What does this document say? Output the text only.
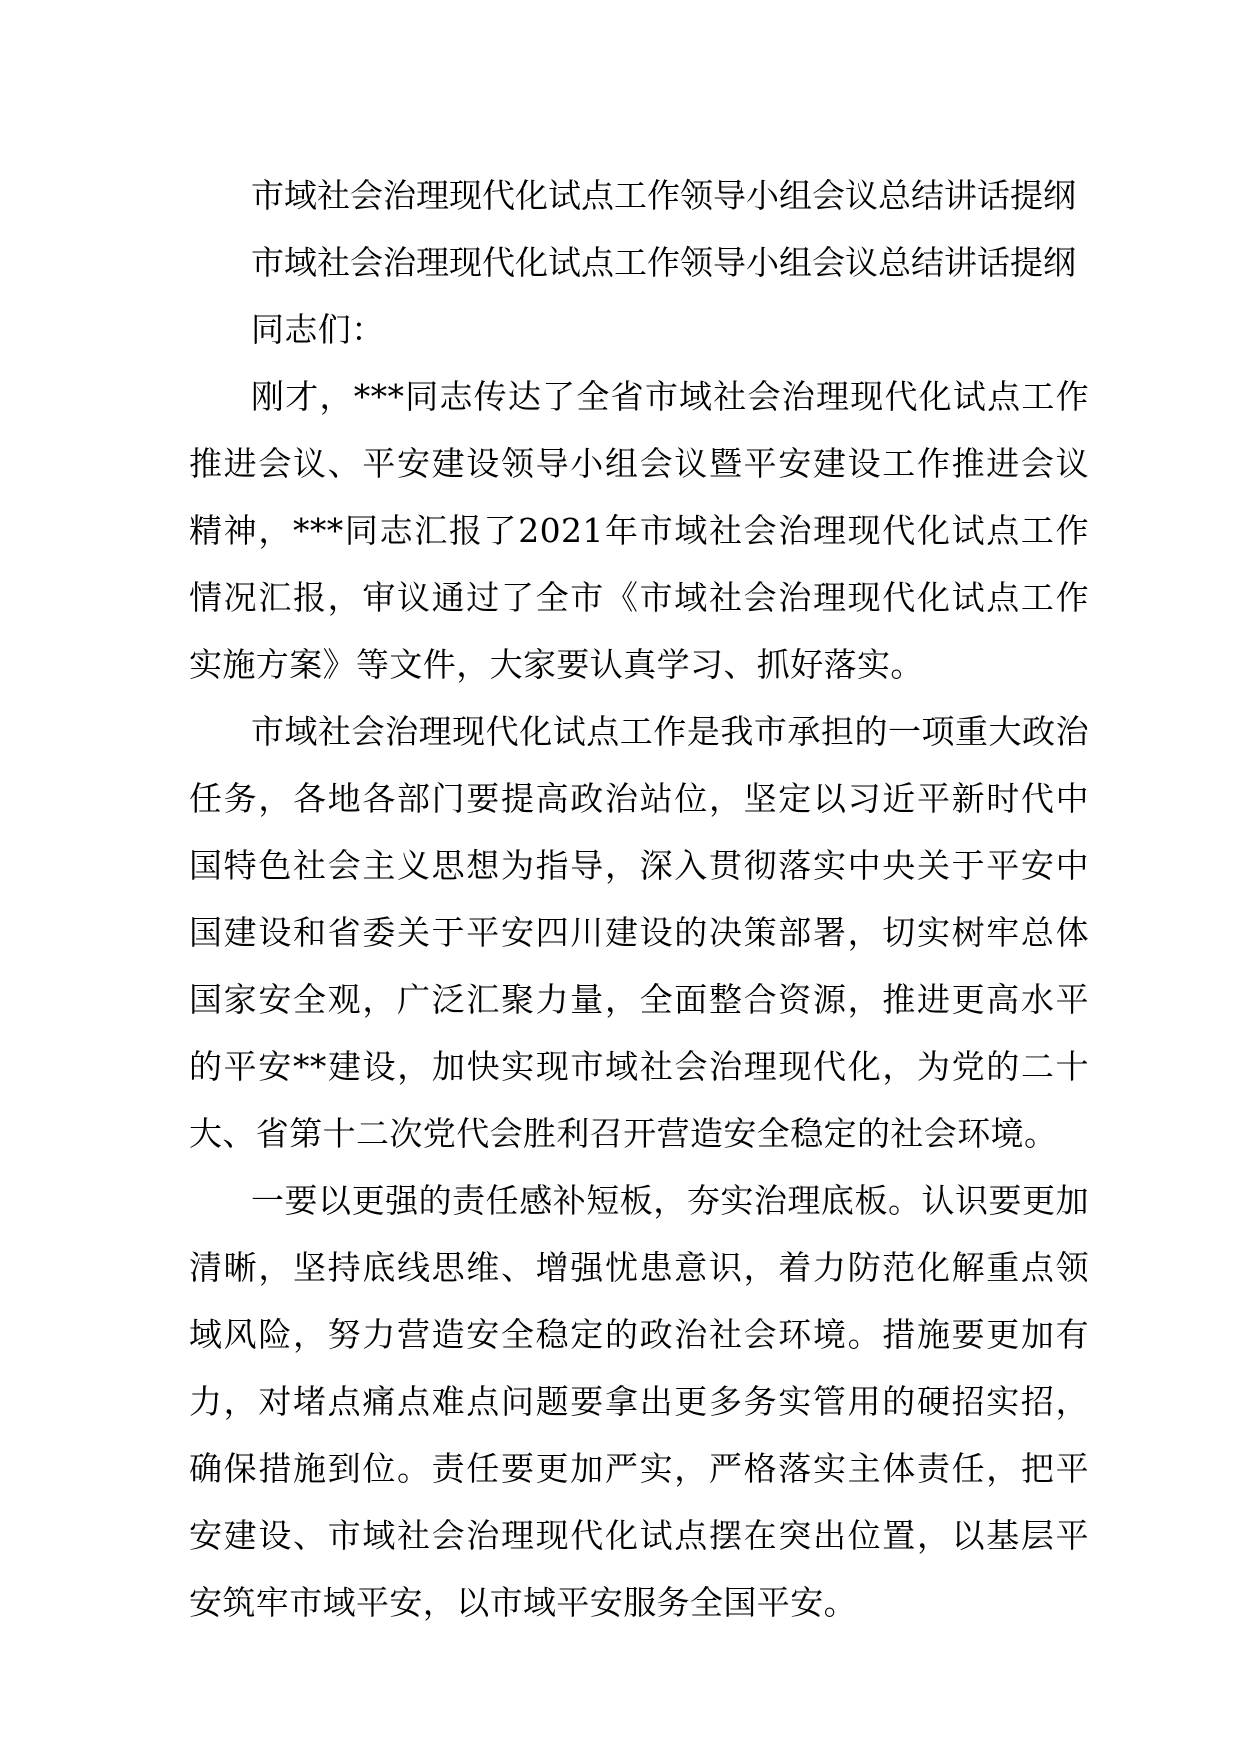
市域社会治理现代化试点工作领导小组会议总结讲话提纲

市域社会治理现代化试点工作领导小组会议总结讲话提纲

同志们：

刚才，***同志传达了全省市域社会治理现代化试点工作推进会议、平安建设领导小组会议暨平安建设工作推进会议精神，***同志汇报了2021年市域社会治理现代化试点工作情况汇报，审议通过了全市《市域社会治理现代化试点工作实施方案》等文件，大家要认真学习、抓好落实。

市域社会治理现代化试点工作是我市承担的一项重大政治任务，各地各部门要提高政治站位，坚定以习近平新时代中国特色社会主义思想为指导，深入贯彻落实中央关于平安中国建设和省委关于平安四川建设的决策部署，切实树牢总体国家安全观，广泛汇聚力量，全面整合资源，推进更高水平的平安**建设，加快实现市域社会治理现代化，为党的二十大、省第十二次党代会胜利召开营造安全稳定的社会环境。

一要以更强的责任感补短板，夯实治理底板。认识要更加清晰，坚持底线思维、增强忧患意识，着力防范化解重点领域风险，努力营造安全稳定的政治社会环境。措施要更加有力，对堵点痛点难点问题要拿出更多务实管用的硬招实招，确保措施到位。责任要更加严实，严格落实主体责任，把平安建设、市域社会治理现代化试点摆在突出位置，以基层平安筑牢市域平安，以市域平安服务全国平安。
